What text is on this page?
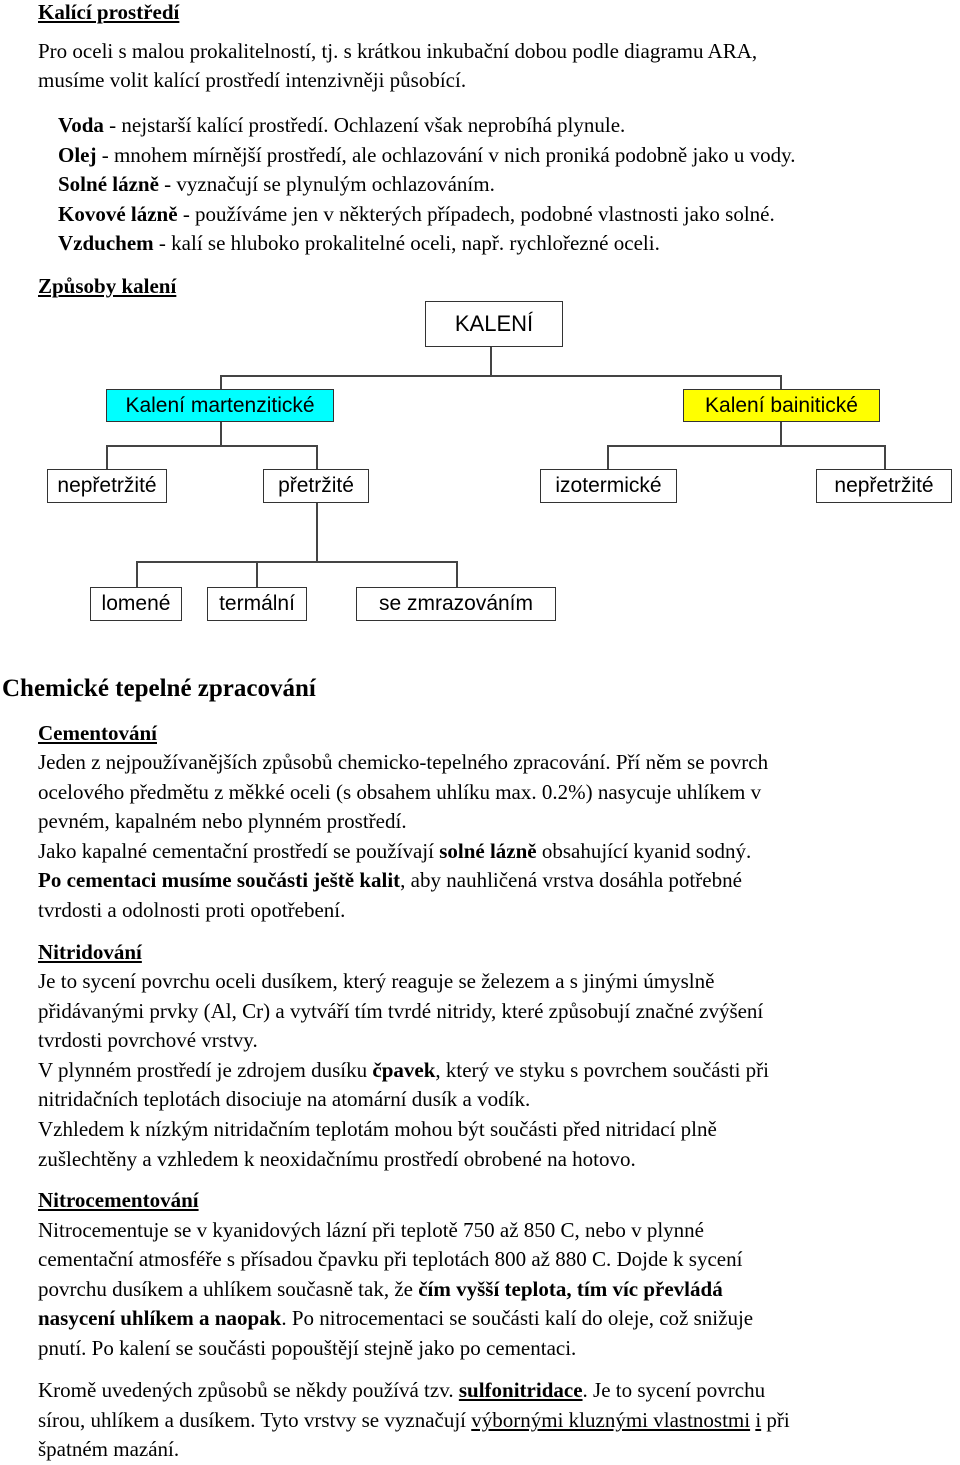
Kalící prostředí
Pro oceli s malou prokalitelností, tj. s krátkou inkubační dobou podle diagramu ARA,
musíme volit kalící prostředí intenzivněji působící.
Voda - nejstarší kalící prostředí. Ochlazení však neprobíhá plynule.
Olej - mnohem mírnější prostředí, ale ochlazování v nich proniká podobně jako u vody.
Solné lázně - vyznačují se plynulým ochlazováním.
Kovové lázně - používáme jen v některých případech, podobné vlastnosti jako solné.
Vzduchem - kalí se hluboko prokalitelné oceli, např. rychlořezné oceli.
Způsoby kalení
KALENÍ
Kalení martenzitické	Kalení bainitické
nepřetržité	přetržité	izotermické	nepřetržité
lomené	termální	se zmrazováním
Chemické tepelné zpracování
Cementování
Jeden z nejpoužívanějších způsobů chemicko-tepelného zpracování. Pří něm se povrch
ocelového předmětu z měkké oceli (s obsahem uhlíku max. 0.2%) nasycuje uhlíkem v
pevném, kapalném nebo plynném prostředí.
Jako kapalné cementační prostředí se používají solné lázně obsahující kyanid sodný.
Po cementaci musíme součásti ještě kalit, aby nauhličená vrstva dosáhla potřebné
tvrdosti a odolnosti proti opotřebení.
Nitridování
Je to sycení povrchu oceli dusíkem, který reaguje se železem a s jinými úmyslně
přidávanými prvky (Al, Cr) a vytváří tím tvrdé nitridy, které způsobují značné zvýšení
tvrdosti povrchové vrstvy.
V plynném prostředí je zdrojem dusíku čpavek, který ve styku s povrchem součásti při
nitridačních teplotách disociuje na atomární dusík a vodík.
Vzhledem k nízkým nitridačním teplotám mohou být součásti před nitridací plně
zušlechtěny a vzhledem k neoxidačnímu prostředí obrobené na hotovo.
Nitrocementování
Nitrocementuje se v kyanidových lázní při teplotě 750 až 850 C, nebo v plynné
cementační atmosféře s přísadou čpavku při teplotách 800 až 880 C. Dojde k sycení
povrchu dusíkem a uhlíkem současně tak, že čím vyšší teplota, tím víc převládá
nasycení uhlíkem a naopak. Po nitrocementaci se součásti kalí do oleje, což snižuje
pnutí. Po kalení se součásti popouštějí stejně jako po cementaci.
Kromě uvedených způsobů se někdy používá tzv. sulfonitridace. Je to sycení povrchu
sírou, uhlíkem a dusíkem. Tyto vrstvy se vyznačují výbornými kluznými vlastnostmi i při
špatném mazání.
